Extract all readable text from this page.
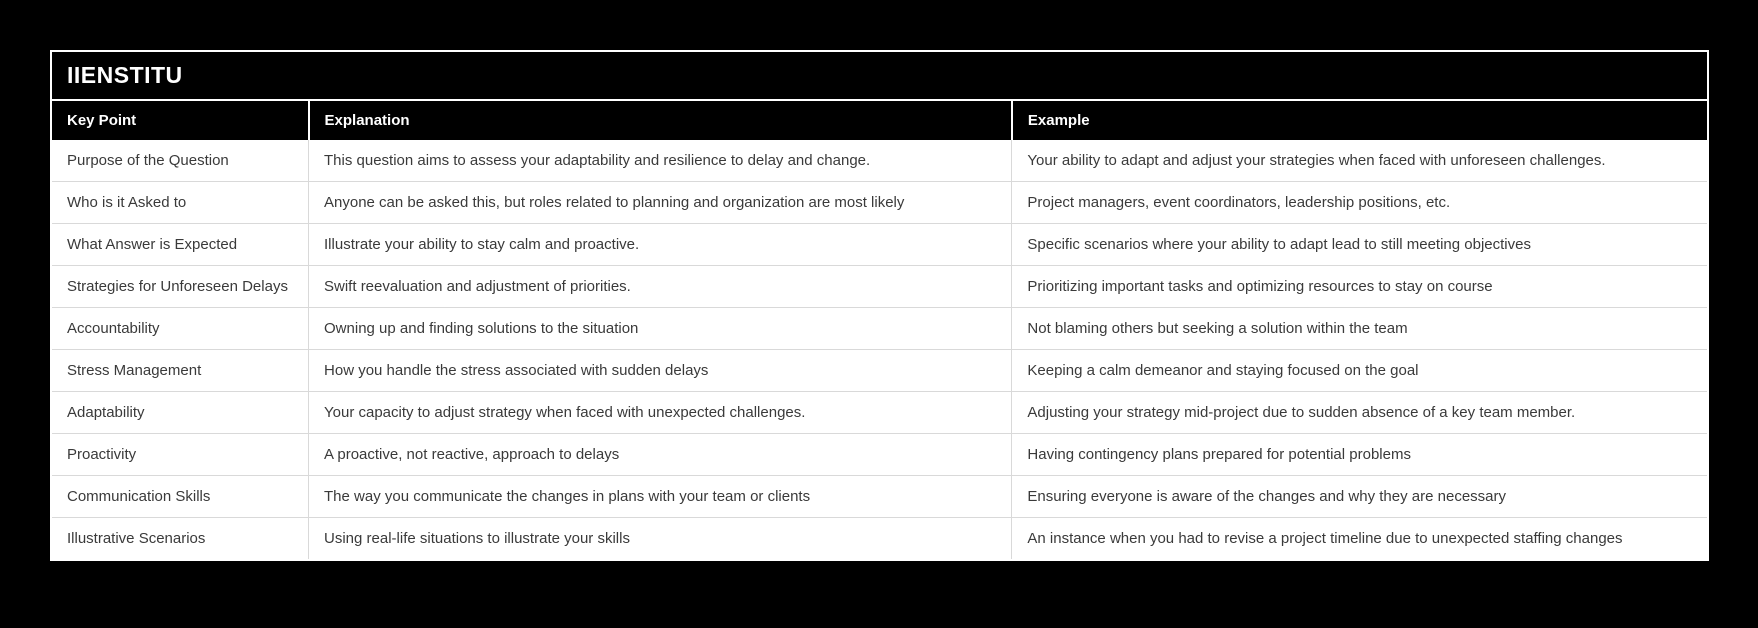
IIENSTITU
Key Point	Explanation	Example
Purpose of the Question	This question aims to assess your adaptability and resilience to delay and change.	Your ability to adapt and adjust your strategies when faced with unforeseen challenges.
Who is it Asked to	Anyone can be asked this, but roles related to planning and organization are most likely	Project managers, event coordinators, leadership positions, etc.
What Answer is Expected	Illustrate your ability to stay calm and proactive.	Specific scenarios where your ability to adapt lead to still meeting objectives
Strategies for Unforeseen Delays	Swift reevaluation and adjustment of priorities.	Prioritizing important tasks and optimizing resources to stay on course
Accountability	Owning up and finding solutions to the situation	Not blaming others but seeking a solution within the team
Stress Management	How you handle the stress associated with sudden delays	Keeping a calm demeanor and staying focused on the goal
Adaptability	Your capacity to adjust strategy when faced with unexpected challenges.	Adjusting your strategy mid-project due to sudden absence of a key team member.
Proactivity	A proactive, not reactive, approach to delays	Having contingency plans prepared for potential problems
Communication Skills	The way you communicate the changes in plans with your team or clients	Ensuring everyone is aware of the changes and why they are necessary
Illustrative Scenarios	Using real-life situations to illustrate your skills	An instance when you had to revise a project timeline due to unexpected staffing changes
